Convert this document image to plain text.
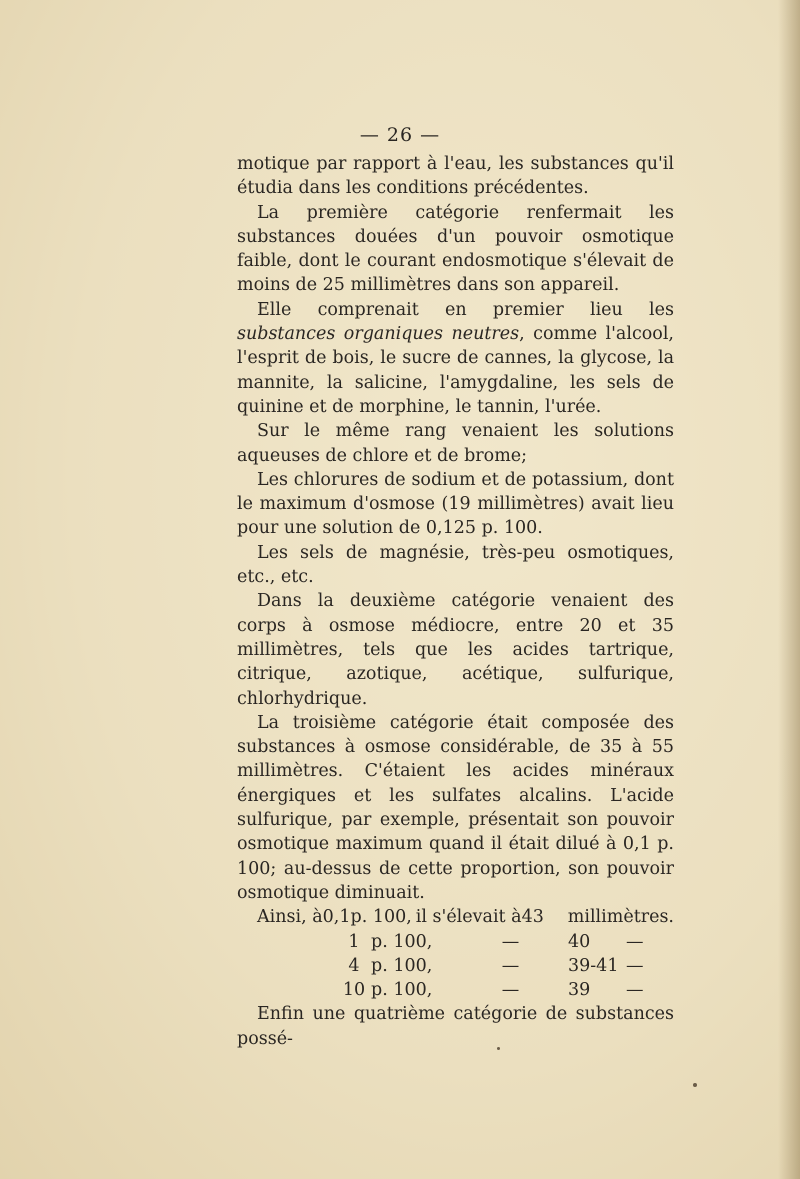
— 26 —

motique par rapport à l'eau, les substances qu'il étudia dans les conditions précédentes.

La première catégorie renfermait les substances douées d'un pouvoir osmotique faible, dont le courant endosmotique s'élevait de moins de 25 millimètres dans son appareil.

Elle comprenait en premier lieu les substances organiques neutres, comme l'alcool, l'esprit de bois, le sucre de cannes, la glycose, la mannite, la salicine, l'amygdaline, les sels de quinine et de morphine, le tannin, l'urée.

Sur le même rang venaient les solutions aqueuses de chlore et de brome;

Les chlorures de sodium et de potassium, dont le maximum d'osmose (19 millimètres) avait lieu pour une solution de 0,125 p. 100.

Les sels de magnésie, très-peu osmotiques, etc., etc.

Dans la deuxième catégorie venaient des corps à osmose médiocre, entre 20 et 35 millimètres, tels que les acides tartrique, citrique, azotique, acétique, sulfurique, chlorhydrique.

La troisième catégorie était composée des substances à osmose considérable, de 35 à 55 millimètres. C'étaient les acides minéraux énergiques et les sulfates alcalins. L'acide sulfurique, par exemple, présentait son pouvoir osmotique maximum quand il était dilué à 0,1 p. 100; au-dessus de cette proportion, son pouvoir osmotique diminuait.

Ainsi, à 0,1 p. 100, il s'élevait à 43	millimètres.
1 p. 100,	—	40	—
4 p. 100,	—	39-41 —
10 p. 100,	—	39	—

Enfin une quatrième catégorie de substances possé-
